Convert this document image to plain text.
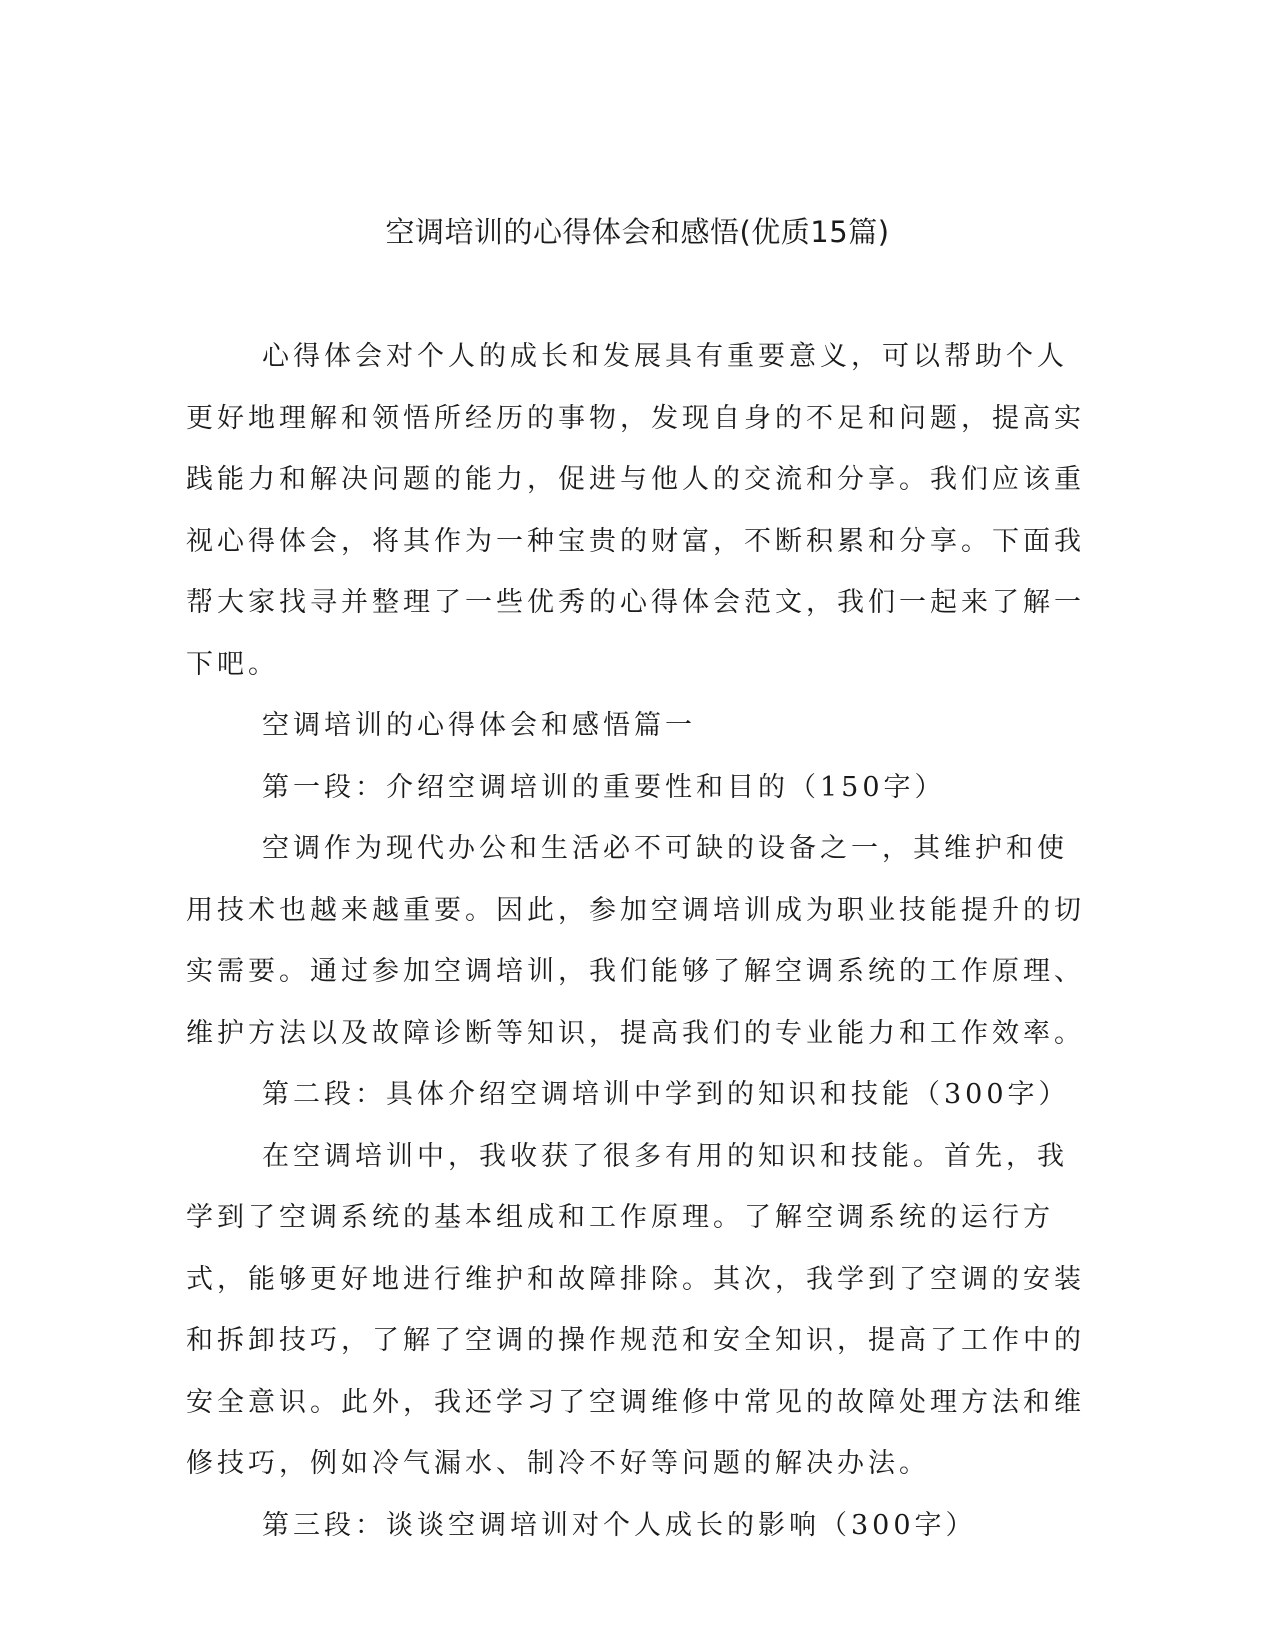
空调培训的心得体会和感悟(优质15篇)

心得体会对个人的成长和发展具有重要意义，可以帮助个人更好地理解和领悟所经历的事物，发现自身的不足和问题，提高实践能力和解决问题的能力，促进与他人的交流和分享。我们应该重视心得体会，将其作为一种宝贵的财富，不断积累和分享。下面我帮大家找寻并整理了一些优秀的心得体会范文，我们一起来了解一下吧。

空调培训的心得体会和感悟篇一

第一段：介绍空调培训的重要性和目的（150字）

空调作为现代办公和生活必不可缺的设备之一，其维护和使用技术也越来越重要。因此，参加空调培训成为职业技能提升的切实需要。通过参加空调培训，我们能够了解空调系统的工作原理、维护方法以及故障诊断等知识，提高我们的专业能力和工作效率。

第二段：具体介绍空调培训中学到的知识和技能（300字）

在空调培训中，我收获了很多有用的知识和技能。首先，我学到了空调系统的基本组成和工作原理。了解空调系统的运行方式，能够更好地进行维护和故障排除。其次，我学到了空调的安装和拆卸技巧，了解了空调的操作规范和安全知识，提高了工作中的安全意识。此外，我还学习了空调维修中常见的故障处理方法和维修技巧，例如冷气漏水、制冷不好等问题的解决办法。

第三段：谈谈空调培训对个人成长的影响（300字）
